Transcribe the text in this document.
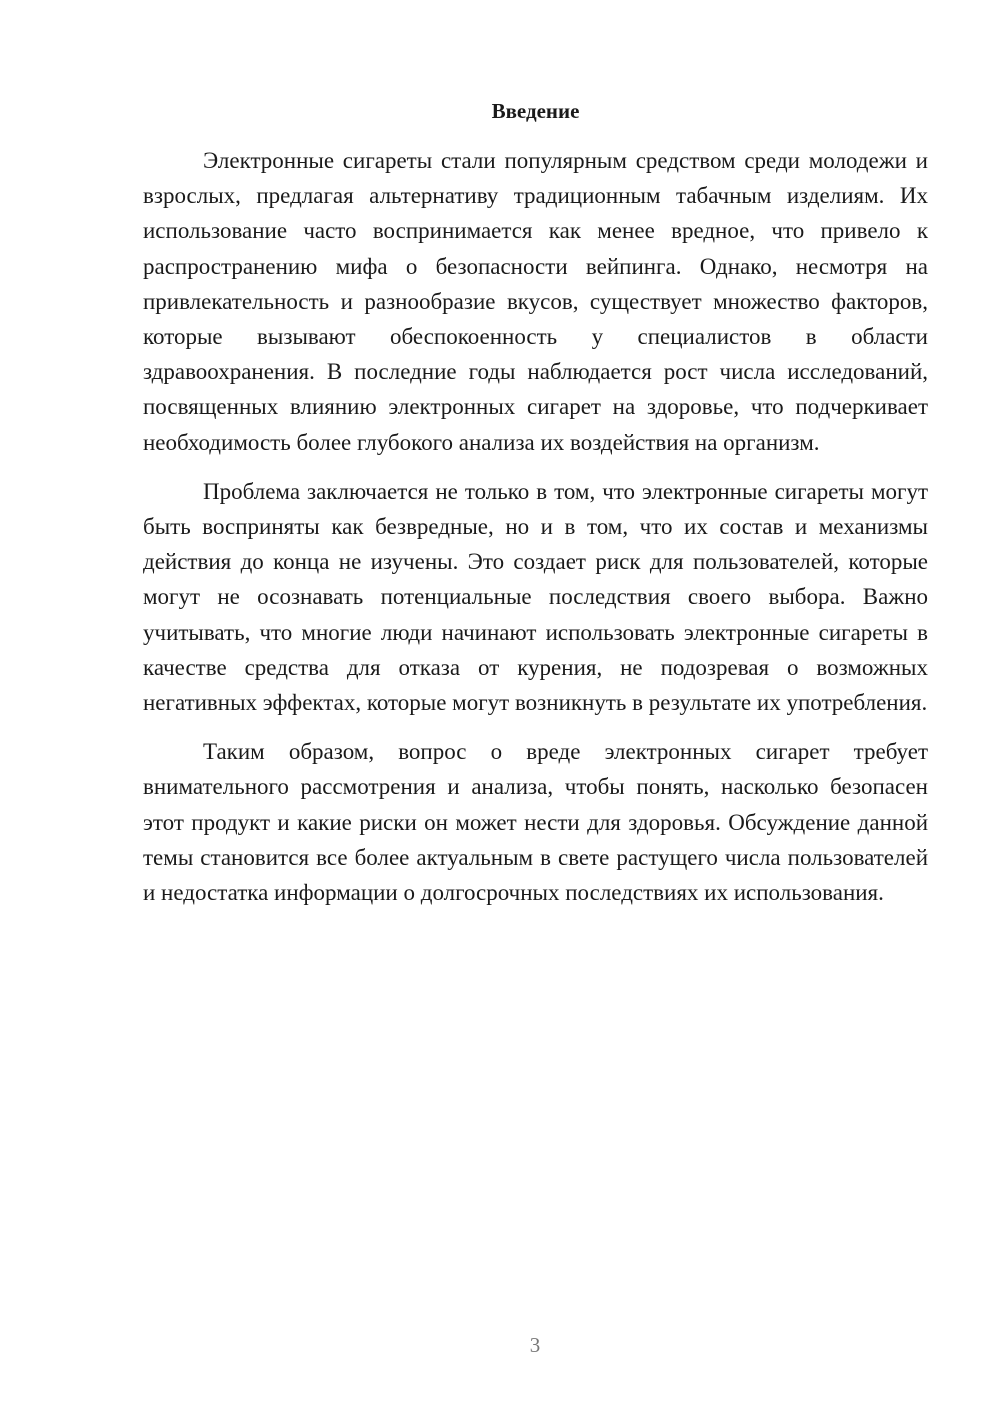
Введение

Электронные сигареты стали популярным средством среди молодежи и взрослых, предлагая альтернативу традиционным табачным изделиям. Их использование часто воспринимается как менее вредное, что привело к распространению мифа о безопасности вейпинга. Однако, несмотря на привлекательность и разнообразие вкусов, существует множество факторов, которые вызывают обеспокоенность у специалистов в области здравоохранения. В последние годы наблюдается рост числа исследований, посвященных влиянию электронных сигарет на здоровье, что подчеркивает необходимость более глубокого анализа их воздействия на организм.

Проблема заключается не только в том, что электронные сигареты могут быть восприняты как безвредные, но и в том, что их состав и механизмы действия до конца не изучены. Это создает риск для пользователей, которые могут не осознавать потенциальные последствия своего выбора. Важно учитывать, что многие люди начинают использовать электронные сигареты в качестве средства для отказа от курения, не подозревая о возможных негативных эффектах, которые могут возникнуть в результате их употребления.

Таким образом, вопрос о вреде электронных сигарет требует внимательного рассмотрения и анализа, чтобы понять, насколько безопасен этот продукт и какие риски он может нести для здоровья. Обсуждение данной темы становится все более актуальным в свете растущего числа пользователей и недостатка информации о долгосрочных последствиях их использования.

3
